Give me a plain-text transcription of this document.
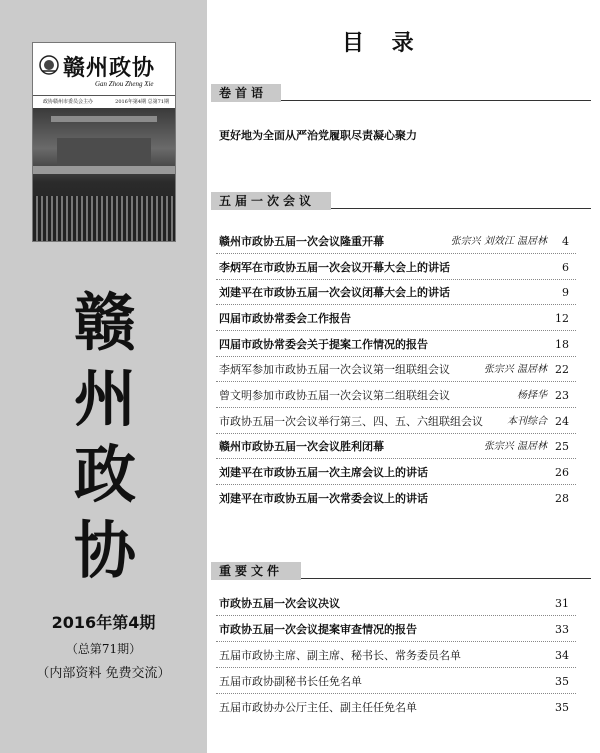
赣州政协
Gan Zhou Zheng Xie
政协赣州市委员会主办	2016年第4期 总第71期
赣
州
政
协
2016年第4期
（总第71期）
（内部资料 免费交流）
目 录
卷首语
更好地为全面从严治党履职尽责凝心聚力
五届一次会议
赣州市政协五届一次会议隆重开幕	张宗兴 刘效江 温居林	4
李炳军在市政协五届一次会议开幕大会上的讲话	6
刘建平在市政协五届一次会议闭幕大会上的讲话	9
四届市政协常委会工作报告	12
四届市政协常委会关于提案工作情况的报告	18
李炳军参加市政协五届一次会议第一组联组会议	张宗兴 温居林 22
曾文明参加市政协五届一次会议第二组联组会议	杨择华 23
市政协五届一次会议举行第三、四、五、六组联组会议 本刊综合 24
赣州市政协五届一次会议胜利闭幕	张宗兴 温居林 25
刘建平在市政协五届一次主席会议上的讲话	26
刘建平在市政协五届一次常委会议上的讲话	28
重要文件
市政协五届一次会议决议	31
市政协五届一次会议提案审查情况的报告	33
五届市政协主席、副主席、秘书长、常务委员名单	34
五届市政协副秘书长任免名单	35
五届市政协办公厅主任、副主任任免名单	35
